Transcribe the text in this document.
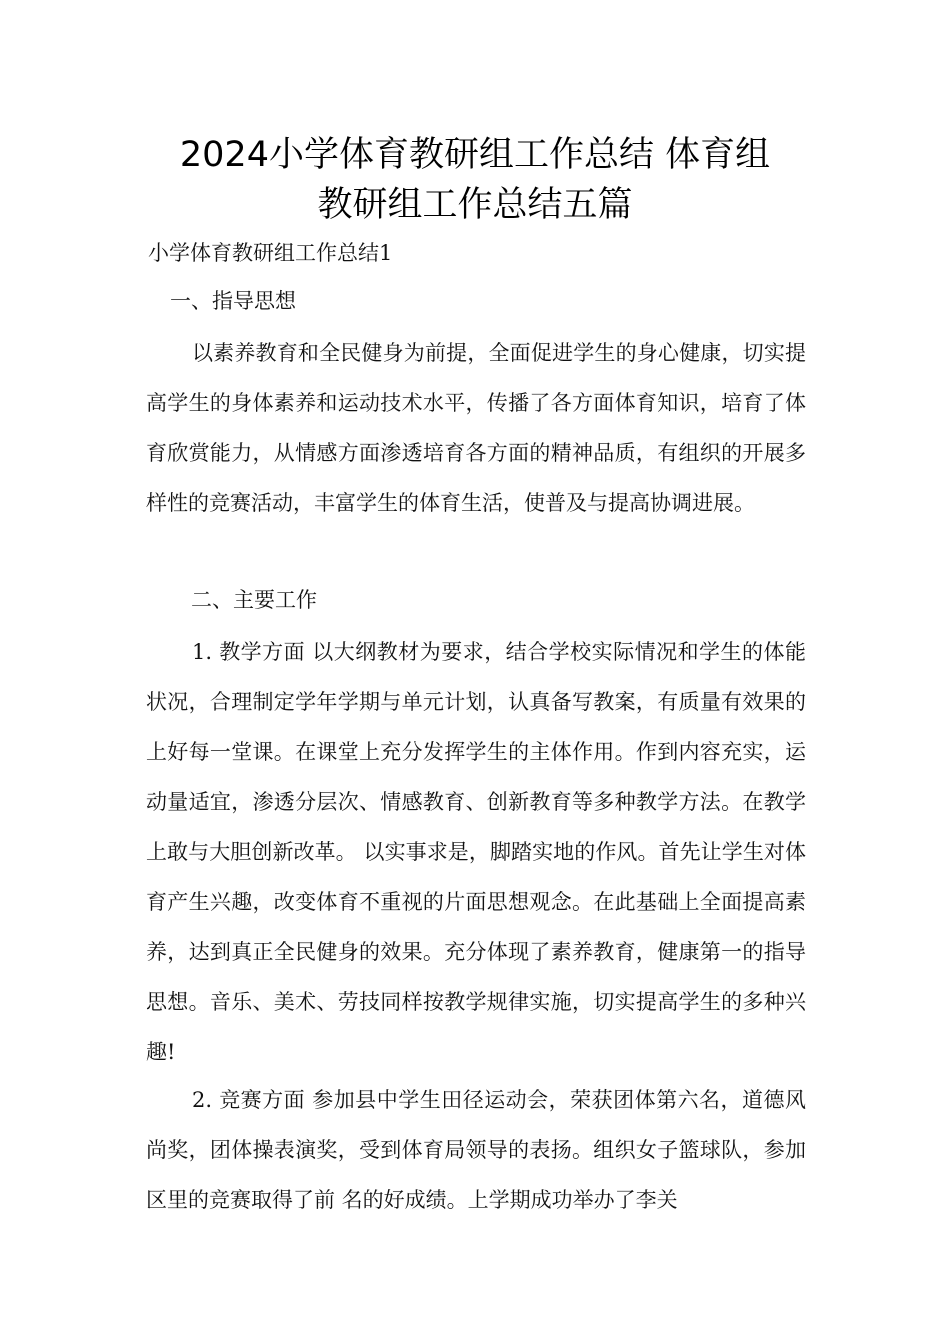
2024小学体育教研组工作总结 体育组
教研组工作总结五篇
小学体育教研组工作总结1
一、指导思想

以素养教育和全民健身为前提，全面促进学生的身心健康，切实提高学生的身体素养和运动技术水平，传播了各方面体育知识，培育了体育欣赏能力，从情感方面渗透培育各方面的精神品质，有组织的开展多样性的竞赛活动，丰富学生的体育生活，使普及与提高协调进展。

二、主要工作

1. 教学方面 以大纲教材为要求，结合学校实际情况和学生的体能状况，合理制定学年学期与单元计划，认真备写教案，有质量有效果的上好每一堂课。在课堂上充分发挥学生的主体作用。作到内容充实，运动量适宜，渗透分层次、情感教育、创新教育等多种教学方法。在教学上敢与大胆创新改革。 以实事求是，脚踏实地的作风。首先让学生对体育产生兴趣，改变体育不重视的片面思想观念。在此基础上全面提高素养，达到真正全民健身的效果。充分体现了素养教育，健康第一的指导思想。音乐、美术、劳技同样按教学规律实施，切实提高学生的多种兴趣!

2. 竞赛方面 参加县中学生田径运动会，荣获团体第六名，道德风尚奖，团体操表演奖，受到体育局领导的表扬。组织女子篮球队，参加区里的竞赛取得了前 名的好成绩。上学期成功举办了李关
